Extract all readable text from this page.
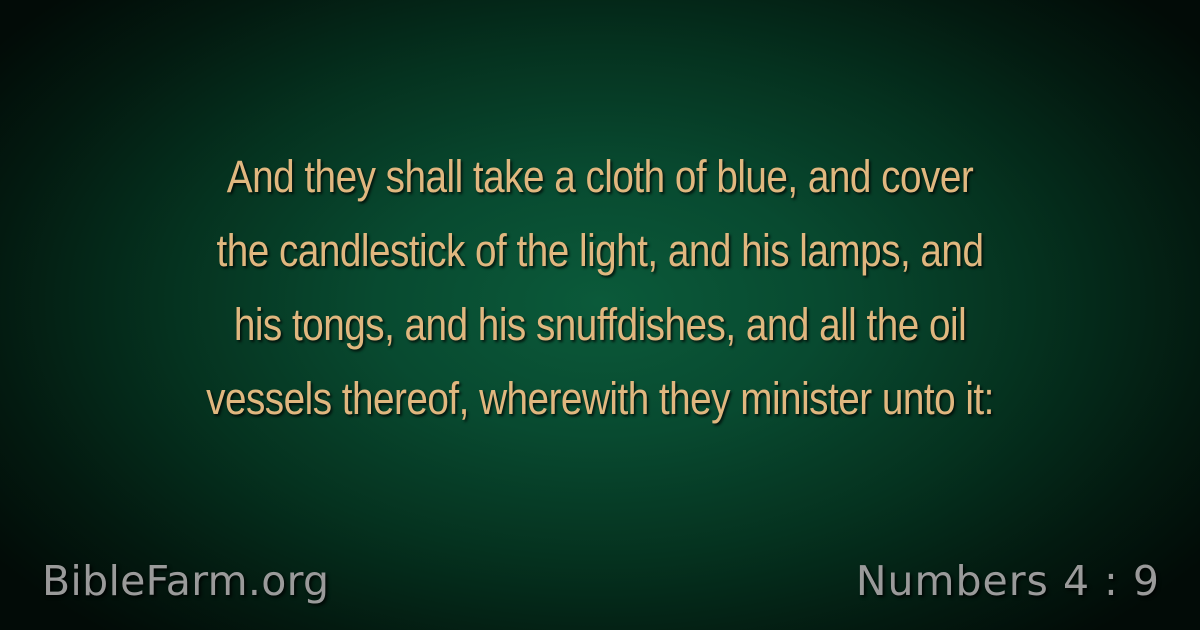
And they shall take a cloth of blue, and cover
the candlestick of the light, and his lamps, and
his tongs, and his snuffdishes, and all the oil
vessels thereof, wherewith they minister unto it:

BibleFarm.org	Numbers 4 : 9
